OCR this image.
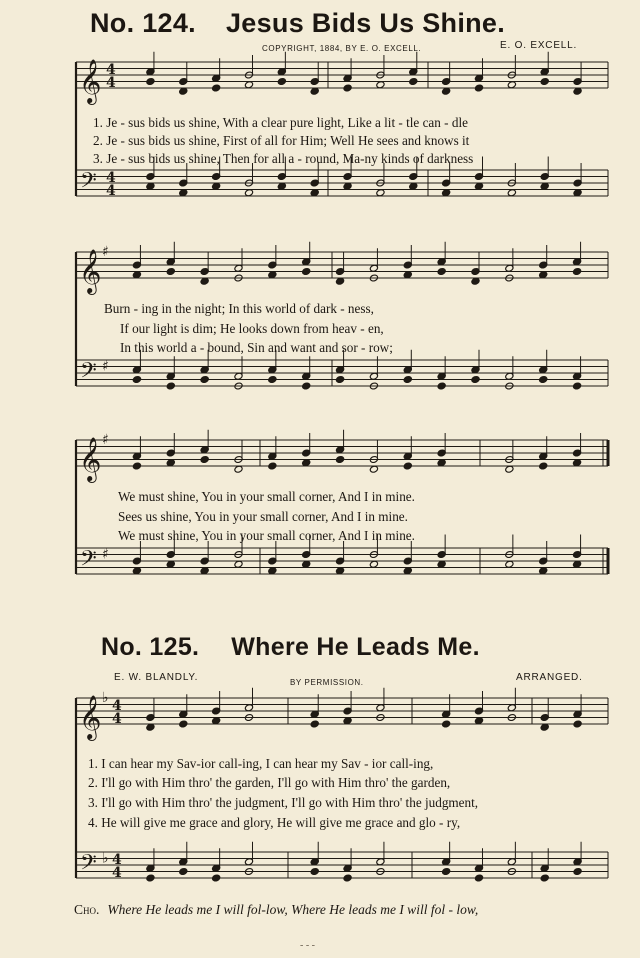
No. 124. Jesus Bids Us Shine.
COPYRIGHT, 1884, BY E. O. EXCELL.	E. O. EXCELL.
1. Je - sus bids us shine, With a clear pure light, Like a lit - tle can - dle
2. Je - sus bids us shine, First of all for Him; Well He sees and knows it
3. Je - sus bids us shine, Then for all a - round, Ma-ny kinds of darkness
Burn - ing in the night; In this world of dark - ness,
If our light is dim; He looks down from heav - en,
In this world a - bound, Sin and want and sor - row;
We must shine, You in your small corner, And I in mine.
Sees us shine, You in your small corner, And I in mine.
We must shine, You in your small corner, And I in mine.
No. 125. Where He Leads Me.
E. W. BLANDLY.	BY PERMISSION.	ARRANGED.
1. I can hear my Sav-ior call-ing, I can hear my Sav - ior call-ing,
2. I'll go with Him thro' the garden, I'll go with Him thro' the garden,
3. I'll go with Him thro' the judgment, I'll go with Him thro' the judgment,
4. He will give me grace and glory, He will give me grace and glo - ry,
Cho. Where He leads me I will fol-low, Where He leads me I will fol - low,
- - -
𝄞
𝄢
4
4
4
4
𝄞
𝄢
♯
♯
𝄞
𝄢
♯
♯
𝄞
𝄢
♭
♭
4
4
4
4
